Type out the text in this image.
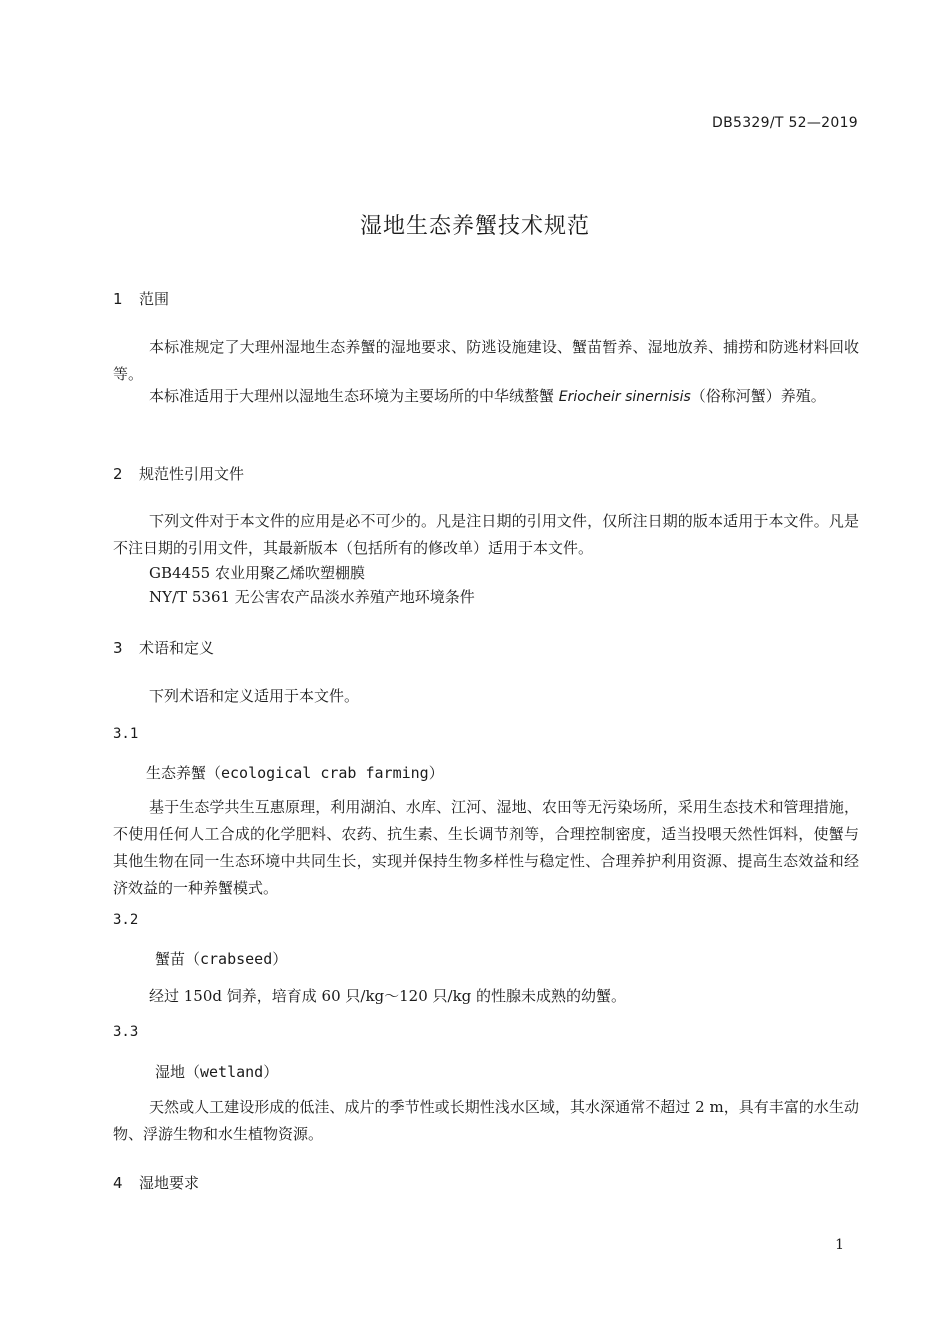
DB5329/T 52—2019
湿地生态养蟹技术规范
1 范围
本标准规定了大理州湿地生态养蟹的湿地要求、防逃设施建设、蟹苗暂养、湿地放养、捕捞和防逃材料回收等。
本标准适用于大理州以湿地生态环境为主要场所的中华绒螯蟹 Eriocheir sinernisis（俗称河蟹）养殖。
2 规范性引用文件
下列文件对于本文件的应用是必不可少的。凡是注日期的引用文件，仅所注日期的版本适用于本文件。凡是不注日期的引用文件，其最新版本（包括所有的修改单）适用于本文件。
GB4455 农业用聚乙烯吹塑棚膜
NY/T 5361 无公害农产品淡水养殖产地环境条件
3 术语和定义
下列术语和定义适用于本文件。
3.1
生态养蟹（ecological crab farming）
基于生态学共生互惠原理，利用湖泊、水库、江河、湿地、农田等无污染场所，采用生态技术和管理措施，不使用任何人工合成的化学肥料、农药、抗生素、生长调节剂等，合理控制密度，适当投喂天然性饵料，使蟹与其他生物在同一生态环境中共同生长，实现并保持生物多样性与稳定性、合理养护利用资源、提高生态效益和经济效益的一种养蟹模式。
3.2
蟹苗（crabseed）
经过 150d 饲养，培育成 60 只/kg～120 只/kg 的性腺未成熟的幼蟹。
3.3
湿地（wetland）
天然或人工建设形成的低洼、成片的季节性或长期性浅水区域，其水深通常不超过 2 m，具有丰富的水生动物、浮游生物和水生植物资源。
4 湿地要求
1
